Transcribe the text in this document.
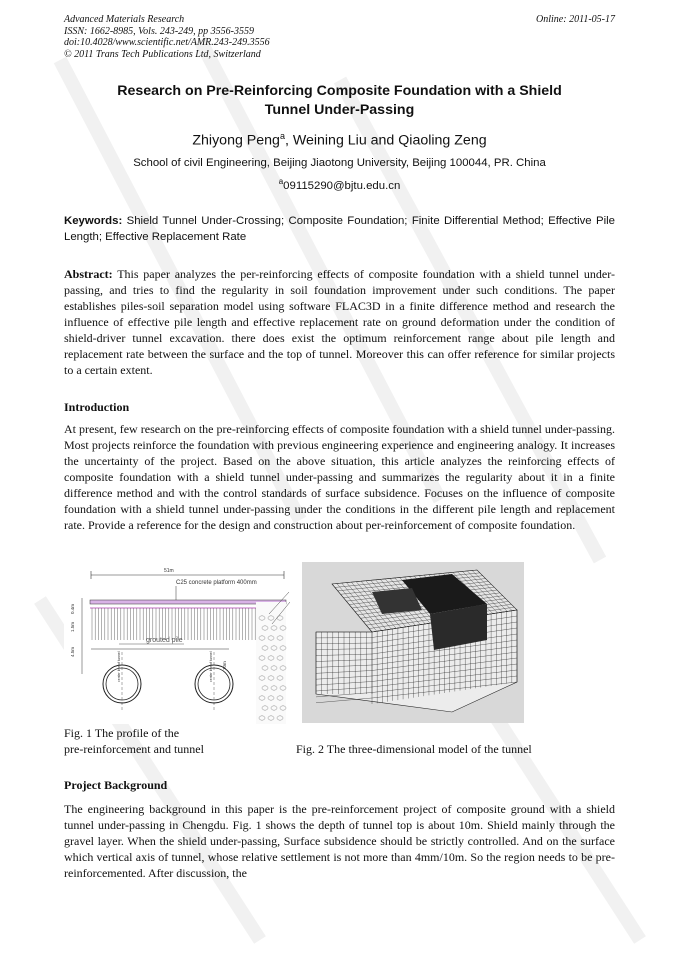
Advanced Materials Research
ISSN: 1662-8985, Vols. 243-249, pp 3556-3559
doi:10.4028/www.scientific.net/AMR.243-249.3556
© 2011 Trans Tech Publications Ltd, Switzerland
Online: 2011-05-17
Research on Pre-Reinforcing Composite Foundation with a Shield
Tunnel Under-Passing
Zhiyong Peng$^a$, Weining Liu and Qiaoling Zeng
School of civil Engineering, Beijing Jiaotong University, Beijing 100044, PR. China
$^a$09115290@bjtu.edu.cn
Keywords: Shield Tunnel Under-Crossing; Composite Foundation; Finite Differential Method; Effective Pile Length; Effective Replacement Rate
Abstract: This paper analyzes the per-reinforcing effects of composite foundation with a shield tunnel under-passing, and tries to find the regularity in soil foundation improvement under such conditions. The paper establishes piles-soil separation model using software FLAC3D in a finite difference method and research the influence of effective pile length and effective replacement rate on ground deformation under the condition of shield-driver tunnel excavation. there does exist the optimum reinforcement range about pile length and replacement rate between the surface and the top of tunnel. Moreover this can offer reference for similar projects to a certain extent.
Introduction
At present, few research on the pre-reinforcing effects of composite foundation with a shield tunnel under-passing. Most projects reinforce the foundation with previous engineering experience and engineering analogy. It increases the uncertainty of the project. Based on the above situation, this article analyzes the reinforcing effects of composite foundation with a shield tunnel under-passing and summarizes the regularity about it in a finite difference method and with the control standards of surface subsidence. Focuses on the influence of composite foundation with a shield tunnel under-passing under the conditions in the different pile length and replacement rate. Provide a reference for the design and construction about per-reinforcement of composite foundation.
51m
C25 concrete platform 400mm
0.4m
1.5m
4.5m
grouted pile
center line of tunnel	center line of tunnel 10m
Fig. 1 The profile of the
pre-reinforcement and tunnel	Fig. 2 The three-dimensional model of the tunnel
Project Background
The engineering background in this paper is the pre-reinforcement project of composite ground with a shield tunnel under-passing in Chengdu. Fig. 1 shows the depth of tunnel top is about 10m. Shield mainly through the gravel layer. When the shield under-passing, Surface subsidence should be strictly controlled. And on the surface which vertical axis of tunnel, whose relative settlement is not more than 4mm/10m. So the region needs to be pre-reinforcemented. After discussion, the
